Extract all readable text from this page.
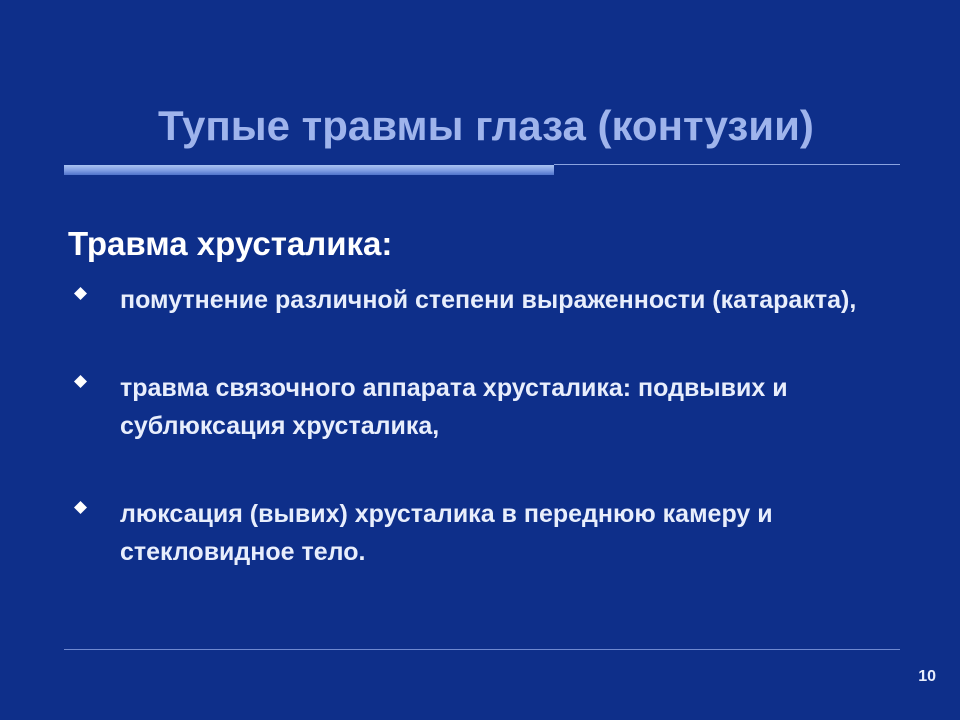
Тупые травмы глаза (контузии)
Травма хрусталика:
помутнение различной степени выраженности (катаракта),
травма связочного аппарата хрусталика: подвывих и сублюксация хрусталика,
люксация (вывих) хрусталика в переднюю камеру и стекловидное тело.
10
